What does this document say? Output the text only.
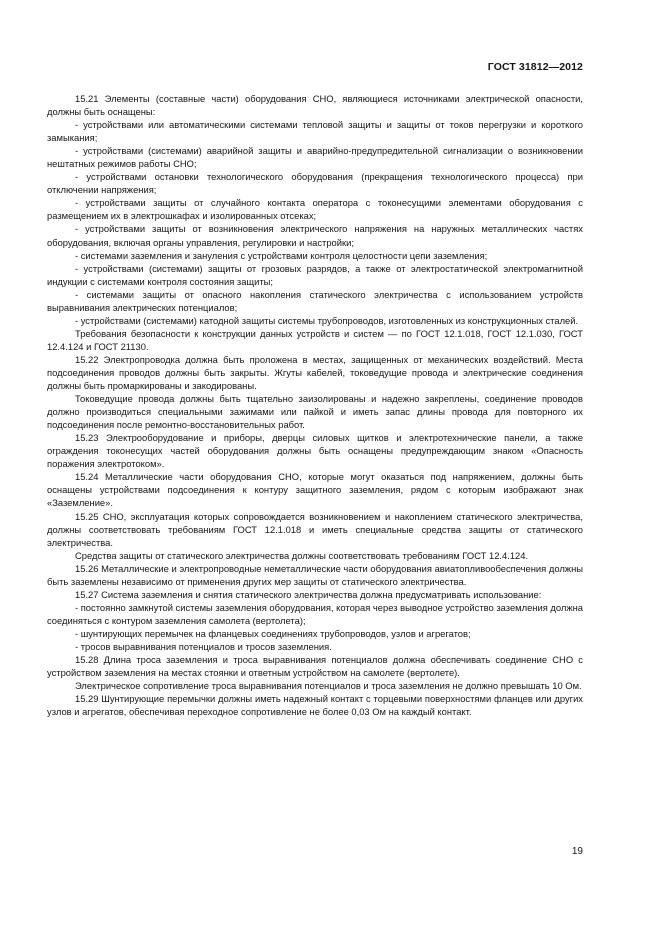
ГОСТ 31812—2012

15.21 Элементы (составные части) оборудования СНО, являющиеся источниками электрической опасности, должны быть оснащены:

- устройствами или автоматическими системами тепловой защиты и защиты от токов перегрузки и короткого замыкания;

- устройствами (системами) аварийной защиты и аварийно-предупредительной сигнализации о возникновении нештатных режимов работы СНО;

- устройствами остановки технологического оборудования (прекращения технологического процесса) при отключении напряжения;

- устройствами защиты от случайного контакта оператора с токонесущими элементами оборудования с размещением их в электрошкафах и изолированных отсеках;

- устройствами защиты от возникновения электрического напряжения на наружных металлических частях оборудования, включая органы управления, регулировки и настройки;

- системами заземления и зануления с устройствами контроля целостности цепи заземления;

- устройствами (системами) защиты от грозовых разрядов, а также от электростатической электромагнитной индукции с системами контроля состояния защиты;

- системами защиты от опасного накопления статического электричества с использованием устройств выравнивания электрических потенциалов;

- устройствами (системами) катодной защиты системы трубопроводов, изготовленных из конструкционных сталей.

Требования безопасности к конструкции данных устройств и систем — по ГОСТ 12.1.018, ГОСТ 12.1.030, ГОСТ 12.4.124 и ГОСТ 21130.

15.22 Электропроводка должна быть проложена в местах, защищенных от механических воздействий. Места подсоединения проводов должны быть закрыты. Жгуты кабелей, токоведущие провода и электрические соединения должны быть промаркированы и закодированы.

Токоведущие провода должны быть тщательно заизолированы и надежно закреплены, соединение проводов должно производиться специальными зажимами или пайкой и иметь запас длины провода для повторного их подсоединения после ремонтно-восстановительных работ.

15.23 Электрооборудование и приборы, дверцы силовых щитков и электротехнические панели, а также ограждения токонесущих частей оборудования должны быть оснащены предупреждающим знаком «Опасность поражения электротоком».

15.24 Металлические части оборудования СНО, которые могут оказаться под напряжением, должны быть оснащены устройствами подсоединения к контуру защитного заземления, рядом с которым изображают знак «Заземление».

15.25 СНО, эксплуатация которых сопровождается возникновением и накоплением статического электричества, должны соответствовать требованиям ГОСТ 12.1.018 и иметь специальные средства защиты от статического электричества.

Средства защиты от статического электричества должны соответствовать требованиям ГОСТ 12.4.124.

15.26 Металлические и электропроводные неметаллические части оборудования авиатопливообеспечения должны быть заземлены независимо от применения других мер защиты от статического электричества.

15.27 Система заземления и снятия статического электричества должна предусматривать использование:

- постоянно замкнутой системы заземления оборудования, которая через выводное устройство заземления должна соединяться с контуром заземления самолета (вертолета);

- шунтирующих перемычек на фланцевых соединениях трубопроводов, узлов и агрегатов;

- тросов выравнивания потенциалов и тросов заземления.

15.28 Длина троса заземления и троса выравнивания потенциалов должна обеспечивать соединение СНО с устройством заземления на местах стоянки и ответным устройством на самолете (вертолете).

Электрическое сопротивление троса выравнивания потенциалов и троса заземления не должно превышать 10 Ом.

15.29 Шунтирующие перемычки должны иметь надежный контакт с торцевыми поверхностями фланцев или других узлов и агрегатов, обеспечивая переходное сопротивление не более 0,03 Ом на каждый контакт.

19
